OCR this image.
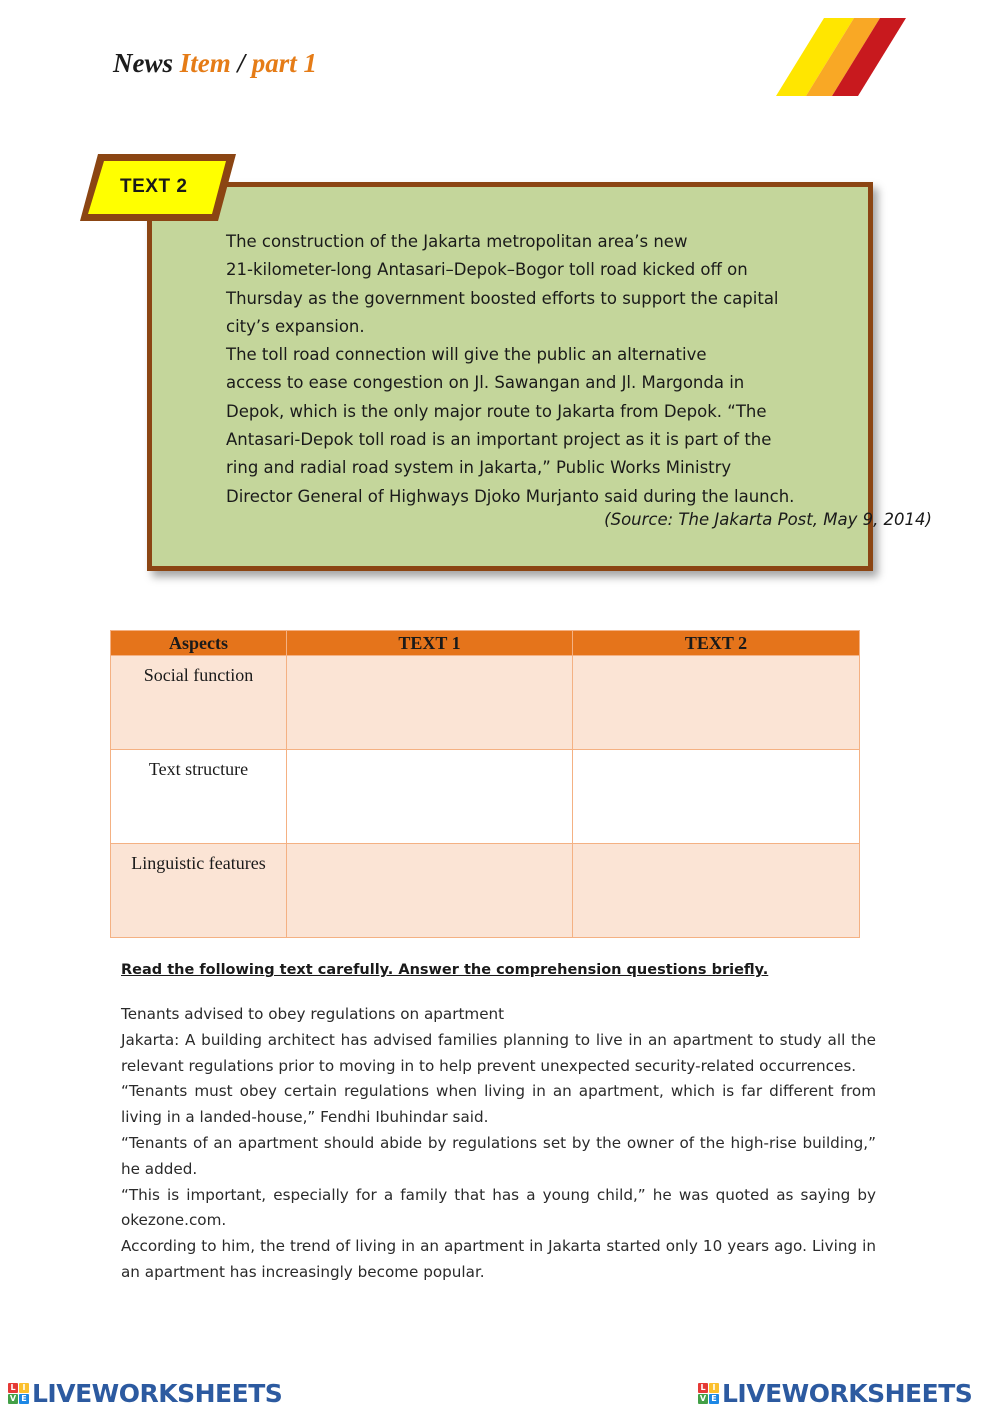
News Item / part 1
TEXT 2

The construction of the Jakarta metropolitan area’s new

21-kilometer-long Antasari–Depok–Bogor toll road kicked off on

Thursday as the government boosted efforts to support the capital

city’s expansion.

The toll road connection will give the public an alternative

access to ease congestion on Jl. Sawangan and Jl. Margonda in

Depok, which is the only major route to Jakarta from Depok. “The

Antasari-Depok toll road is an important project as it is part of the

ring and radial road system in Jakarta,” Public Works Ministry

Director General of Highways Djoko Murjanto said during the launch.

(Source: The Jakarta Post, May 9, 2014)
Aspects	TEXT 1	TEXT 2
Social function		
Text structure		
Linguistic features		
Read the following text carefully. Answer the comprehension questions briefly.

Tenants advised to obey regulations on apartment

Jakarta: A building architect has advised families planning to live in an apartment to study all the relevant regulations prior to moving in to help prevent unexpected security-related occurrences.

“Tenants must obey certain regulations when living in an apartment, which is far different from living in a landed-house,” Fendhi Ibuhindar said.

“Tenants of an apartment should abide by regulations set by the owner of the high-rise building,” he added.

“This is important, especially for a family that has a young child,” he was quoted as saying by okezone.com.

According to him, the trend of living in an apartment in Jakarta started only 10 years ago. Living in an apartment has increasingly become popular.

L I
V E LIVEWORKSHEETS	L I
V E LIVEWORKSHEETS
